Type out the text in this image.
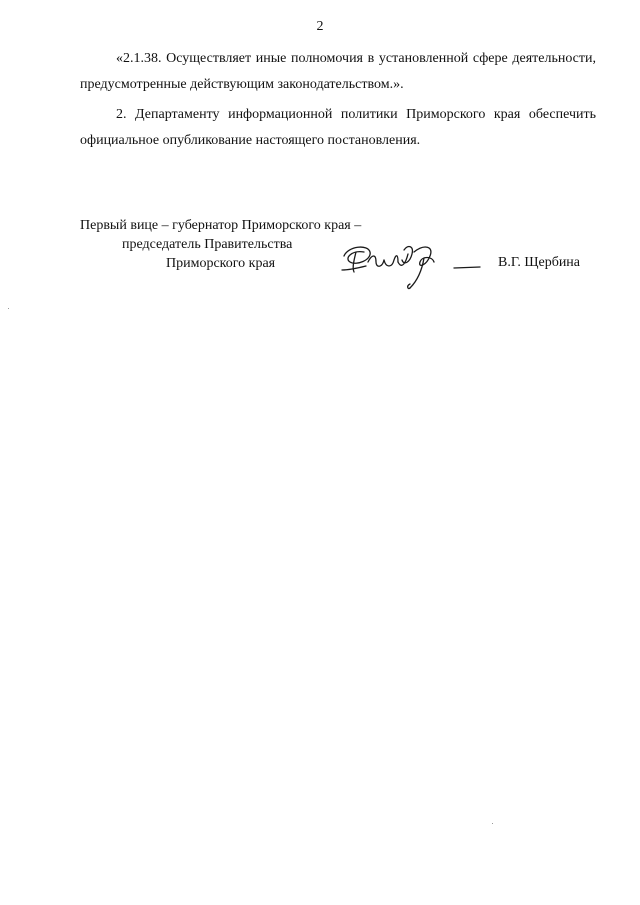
2
«2.1.38. Осуществляет иные полномочия в установленной сфере деятельности, предусмотренные действующим законодательством.».
2. Департаменту информационной политики Приморского края обеспечить официальное опубликование настоящего постановления.
Первый вице – губернатор Приморского края –
председатель Правительства
Приморского края	В.Г. Щербина
